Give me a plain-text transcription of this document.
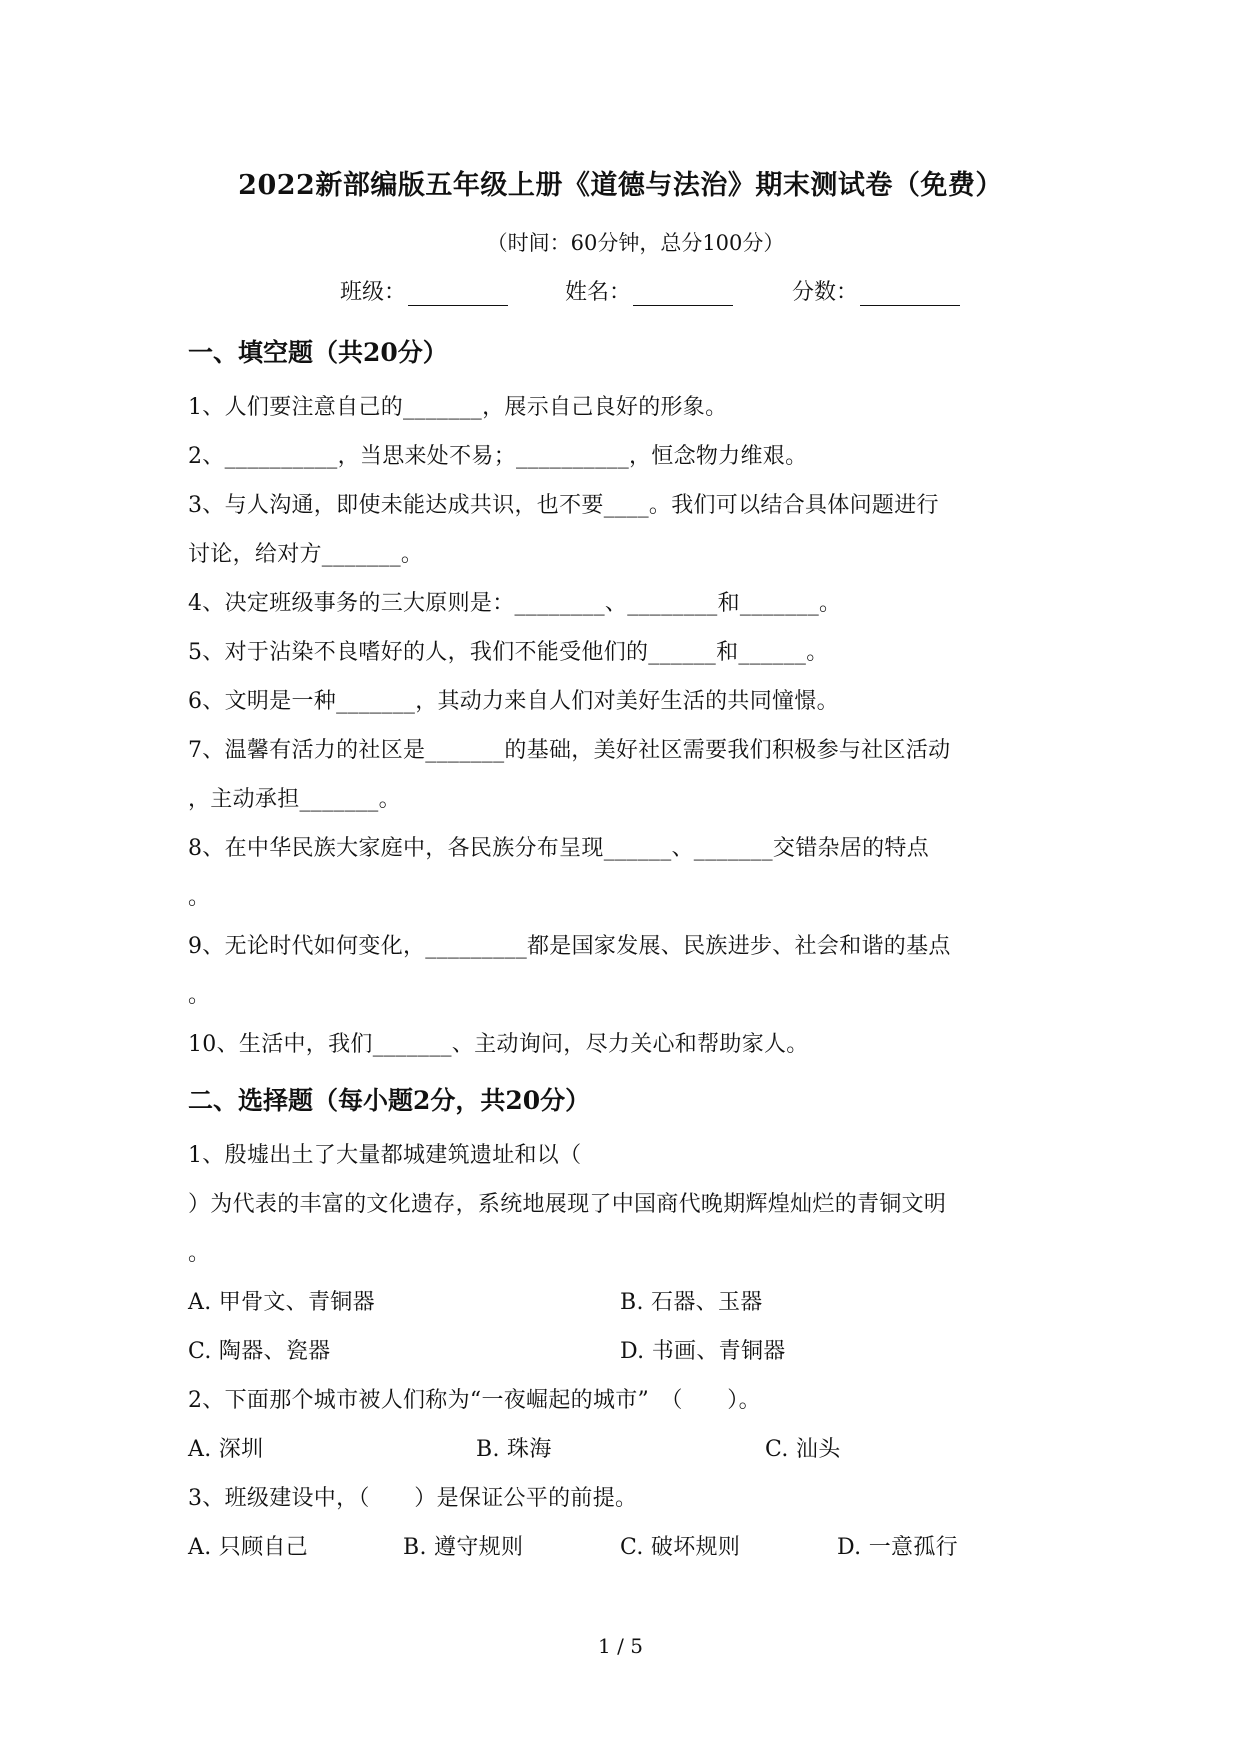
2022新部编版五年级上册《道德与法治》期末测试卷（免费）
（时间：60分钟，总分100分）
班级：	姓名：	分数：
一、填空题（共20分）
1、人们要注意自己的_______，展示自己良好的形象。
2、__________，当思来处不易；__________，恒念物力维艰。
3、与人沟通，即使未能达成共识，也不要____。我们可以结合具体问题进行
讨论，给对方_______。
4、决定班级事务的三大原则是：________、________和_______。
5、对于沾染不良嗜好的人，我们不能受他们的______和______。
6、文明是一种_______，其动力来自人们对美好生活的共同憧憬。
7、温馨有活力的社区是_______的基础，美好社区需要我们积极参与社区活动
，主动承担_______。
8、在中华民族大家庭中，各民族分布呈现______、_______交错杂居的特点
。
9、无论时代如何变化，_________都是国家发展、民族进步、社会和谐的基点
。
10、生活中，我们_______、主动询问，尽力关心和帮助家人。
二、选择题（每小题2分，共20分）
1、殷墟出土了大量都城建筑遗址和以（
）为代表的丰富的文化遗存，系统地展现了中国商代晚期辉煌灿烂的青铜文明
。
A. 甲骨文、青铜器	B. 石器、玉器
C. 陶器、瓷器	D. 书画、青铜器
2、下面那个城市被人们称为“一夜崛起的城市”　（　　）。
A. 深圳	B. 珠海	C. 汕头
3、班级建设中，（　　）是保证公平的前提。
A. 只顾自己	B. 遵守规则	C. 破坏规则	D. 一意孤行
1 / 5
